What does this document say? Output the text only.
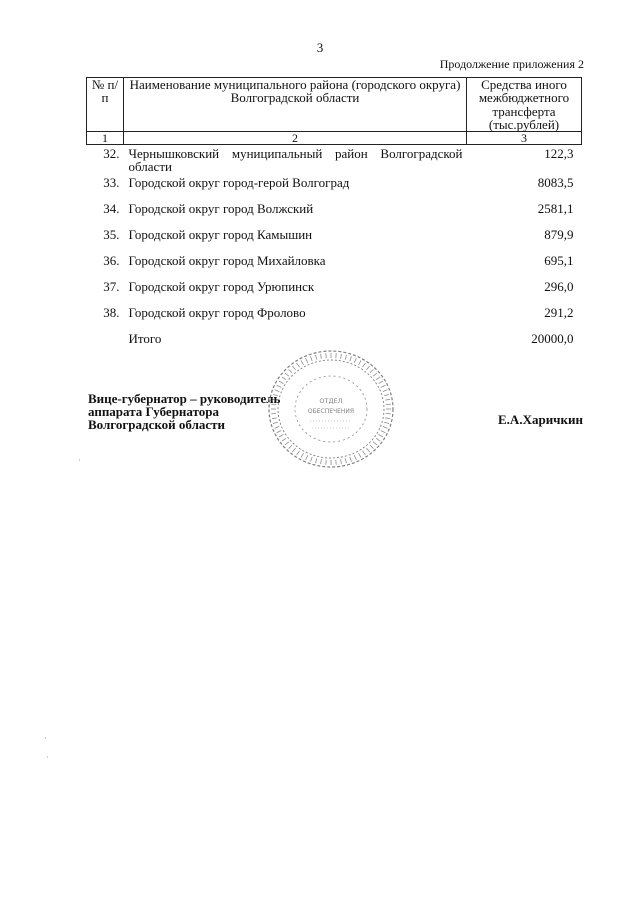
3
Продолжение приложения 2
№ п/п	Наименование муниципального района (городского округа) Волгоградской области	Средства иного межбюджетного трансферта (тыс.рублей)
1	2	3
32.	Чернышковский муниципальный район Волгоградской области	122,3
33.	Городской округ город-герой Волгоград	8083,5
34.	Городской округ город Волжский	2581,1
35.	Городской округ город Камышин	879,9
36.	Городской округ город Михайловка	695,1
37.	Городской округ город Урюпинск	296,0
38.	Городской округ город Фролово	291,2
	Итого	20000,0
ОТДЕЛ
ОБЕСПЕЧЕНИЯ
Вице-губернатор – руководитель
аппарата Губернатора
Волгоградской области	Е.А.Харичкин
·
·
·
